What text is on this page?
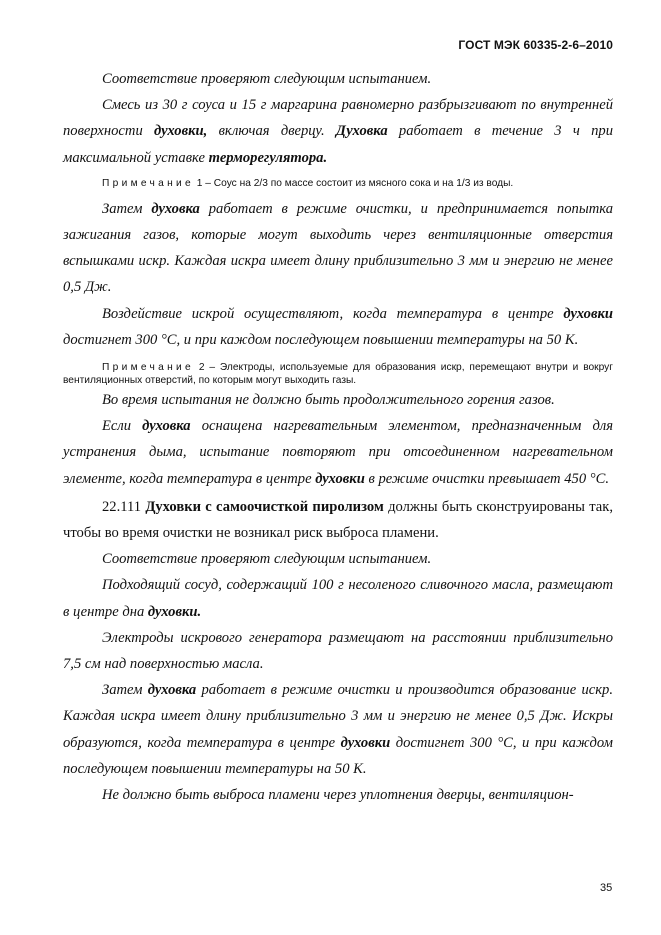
ГОСТ МЭК 60335-2-6–2010

Соответствие проверяют следующим испытанием.

Смесь из 30 г соуса и 15 г маргарина равномерно разбрызгивают по внутренней поверхности духовки, включая дверцу. Духовка работает в течение 3 ч при максимальной уставке терморегулятора.

Примечание 1 – Соус на 2/3 по массе состоит из мясного сока и на 1/3 из воды.

Затем духовка работает в режиме очистки, и предпринимается попытка зажигания газов, которые могут выходить через вентиляционные отверстия вспышками искр. Каждая искра имеет длину приблизительно 3 мм и энергию не менее 0,5 Дж.

Воздействие искрой осуществляют, когда температура в центре духовки достигнет 300 °С, и при каждом последующем повышении температуры на 50 К.

Примечание 2 – Электроды, используемые для образования искр, перемещают внутри и вокруг вентиляционных отверстий, по которым могут выходить газы.

Во время испытания не должно быть продолжительного горения газов.

Если духовка оснащена нагревательным элементом, предназначенным для устранения дыма, испытание повторяют при отсоединенном нагревательном элементе, когда температура в центре духовки в режиме очистки превышает 450 °С.

22.111 Духовки с самоочисткой пиролизом должны быть сконструированы так, чтобы во время очистки не возникал риск выброса пламени.

Соответствие проверяют следующим испытанием.

Подходящий сосуд, содержащий 100 г несоленого сливочного масла, размещают в центре дна духовки.

Электроды искрового генератора размещают на расстоянии приблизительно 7,5 см над поверхностью масла.

Затем духовка работает в режиме очистки и производится образование искр. Каждая искра имеет длину приблизительно 3 мм и энергию не менее 0,5 Дж. Искры образуются, когда температура в центре духовки достигнет 300 °С, и при каждом последующем повышении температуры на 50 К.

Не должно быть выброса пламени через уплотнения дверцы, вентиляцион-

35
